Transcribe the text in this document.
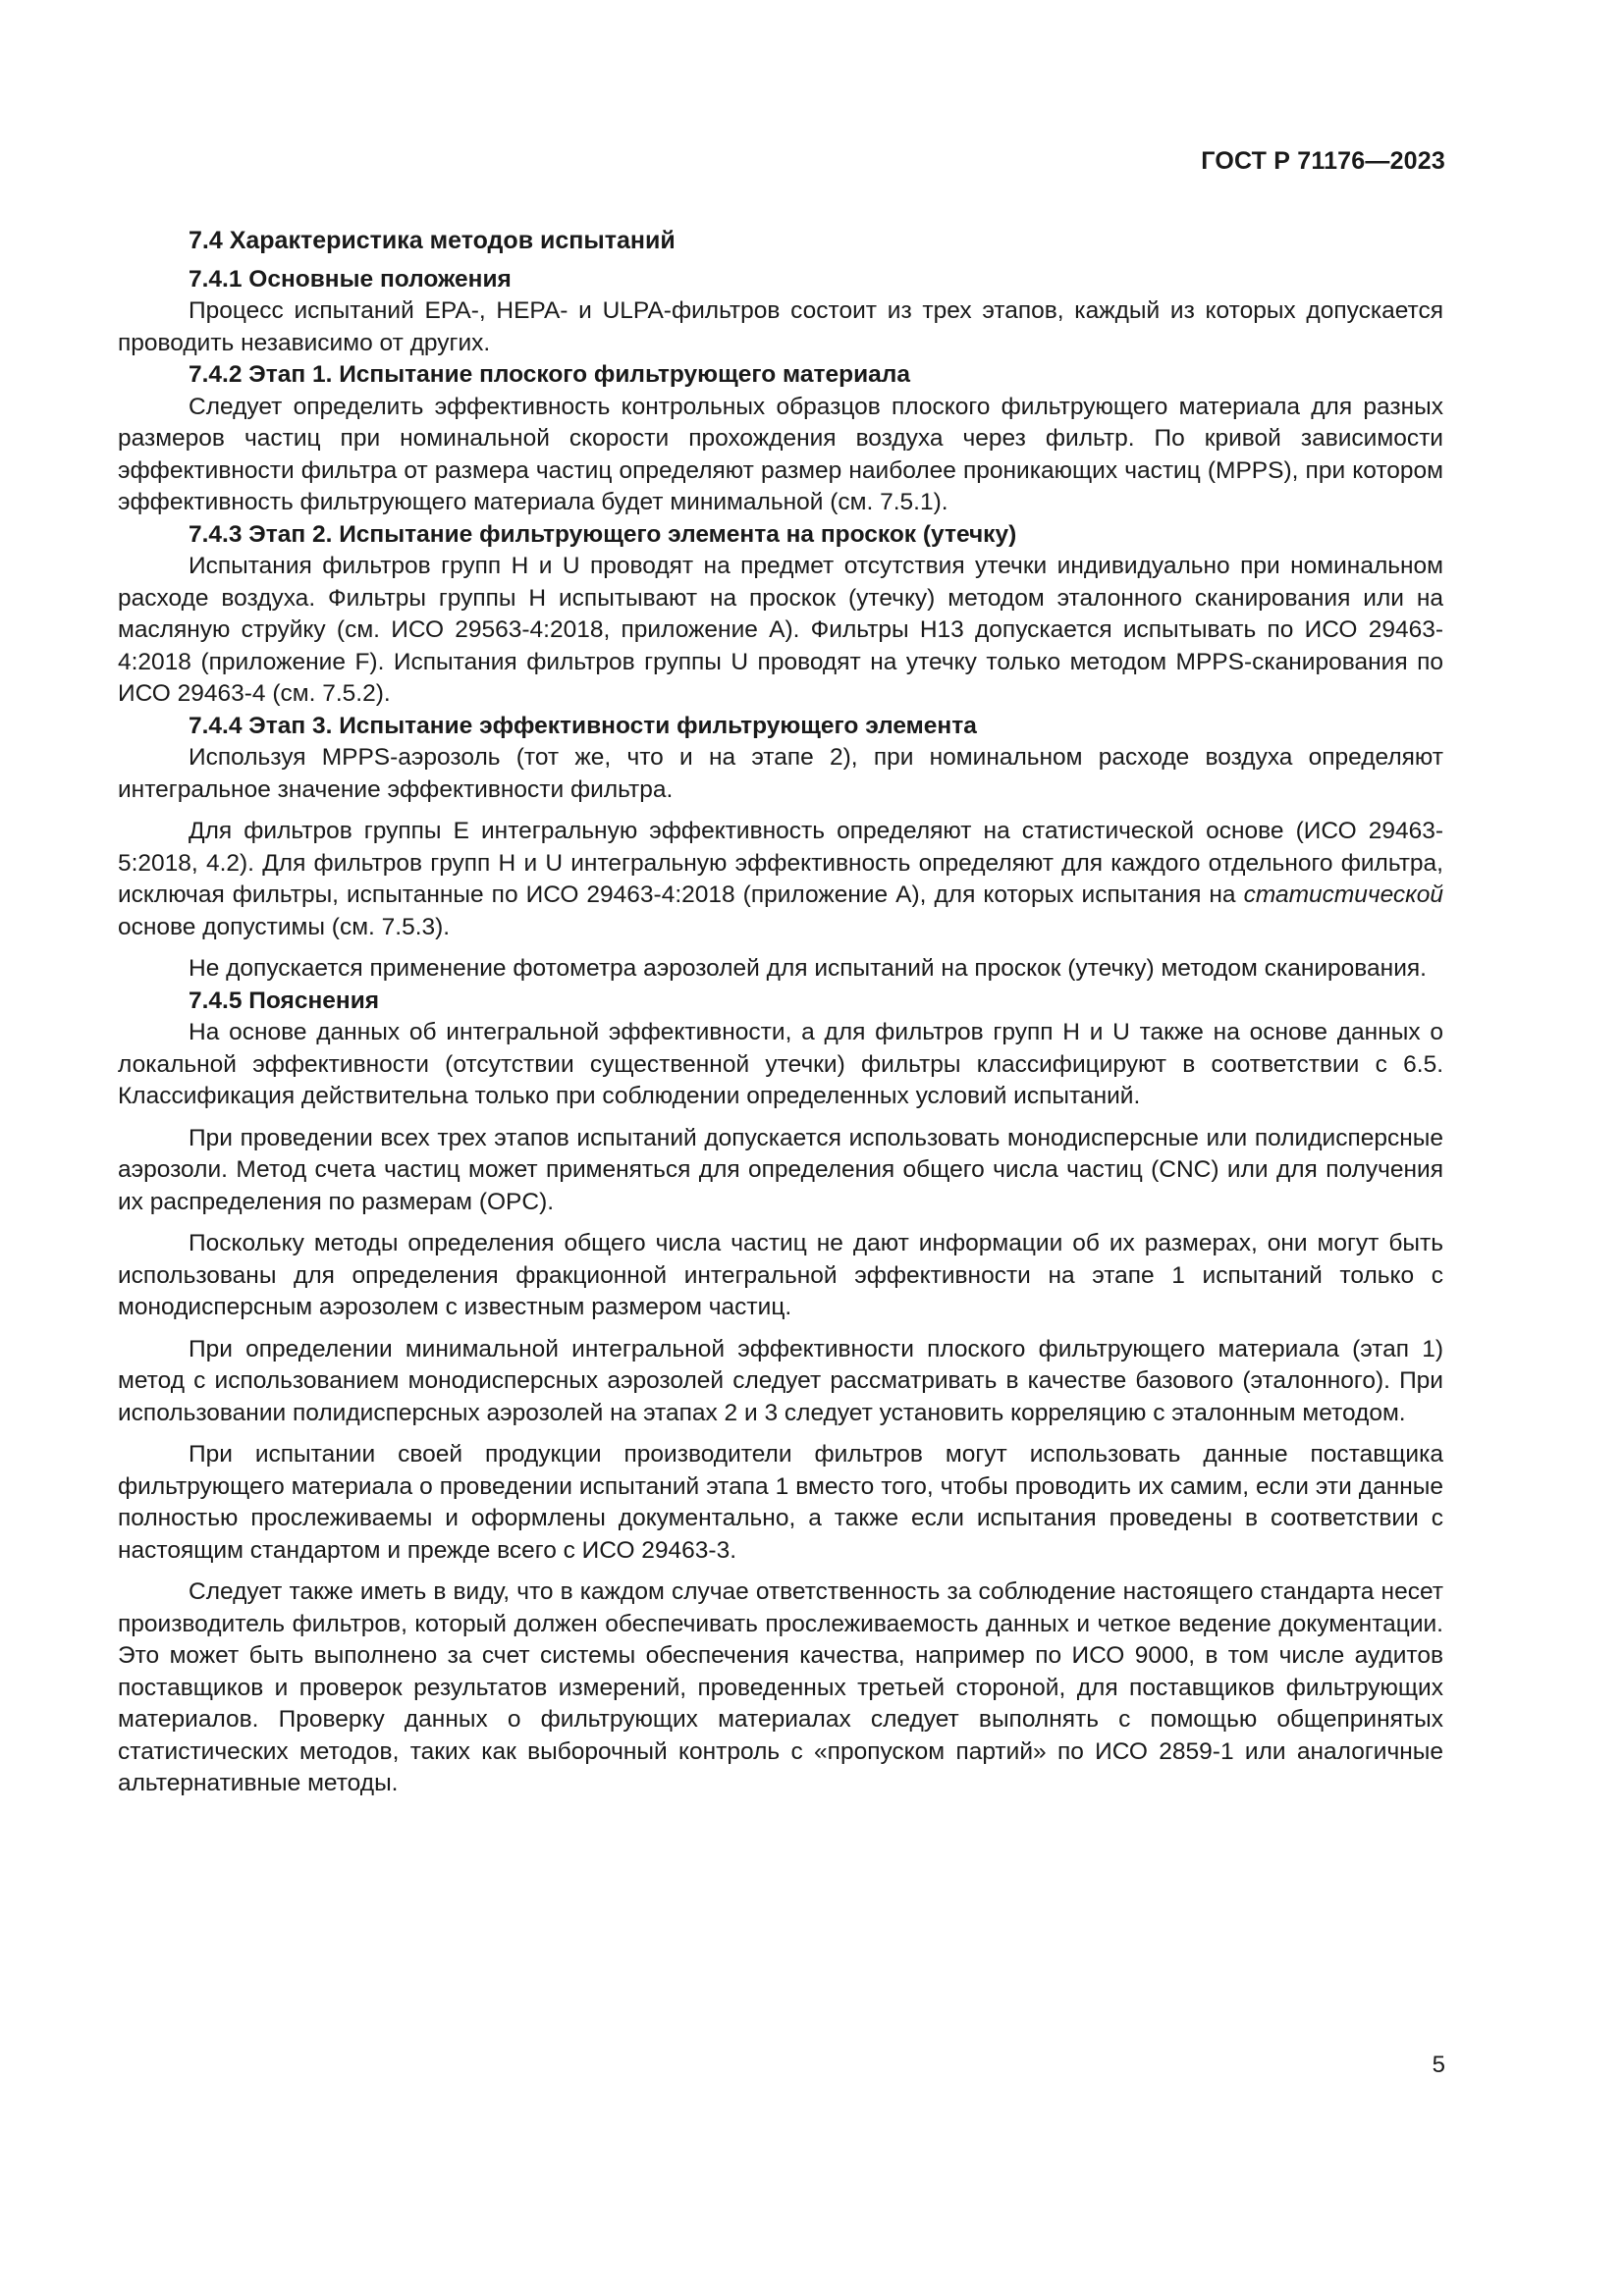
ГОСТ Р 71176—2023
7.4 Характеристика методов испытаний
7.4.1 Основные положения

Процесс испытаний EPA-, HEPA- и ULPA-фильтров состоит из трех этапов, каждый из которых допускается проводить независимо от других.

7.4.2 Этап 1. Испытание плоского фильтрующего материала

Следует определить эффективность контрольных образцов плоского фильтрующего материала для разных размеров частиц при номинальной скорости прохождения воздуха через фильтр. По кривой зависимости эффективности фильтра от размера частиц определяют размер наиболее проникающих частиц (MPPS), при котором эффективность фильтрующего материала будет минимальной (см. 7.5.1).

7.4.3 Этап 2. Испытание фильтрующего элемента на проскок (утечку)

Испытания фильтров групп H и U проводят на предмет отсутствия утечки индивидуально при номинальном расходе воздуха. Фильтры группы H испытывают на проскок (утечку) методом эталонного сканирования или на масляную струйку (см. ИСО 29563-4:2018, приложение А). Фильтры H13 допускается испытывать по ИСО 29463-4:2018 (приложение F). Испытания фильтров группы U проводят на утечку только методом MPPS-сканирования по ИСО 29463-4 (см. 7.5.2).

7.4.4 Этап 3. Испытание эффективности фильтрующего элемента

Используя MPPS-аэрозоль (тот же, что и на этапе 2), при номинальном расходе воздуха определяют интегральное значение эффективности фильтра.

Для фильтров группы E интегральную эффективность определяют на статистической основе (ИСО 29463-5:2018, 4.2). Для фильтров групп H и U интегральную эффективность определяют для каждого отдельного фильтра, исключая фильтры, испытанные по ИСО 29463-4:2018 (приложение А), для которых испытания на статистической основе допустимы (см. 7.5.3).

Не допускается применение фотометра аэрозолей для испытаний на проскок (утечку) методом сканирования.

7.4.5 Пояснения

На основе данных об интегральной эффективности, а для фильтров групп H и U также на основе данных о локальной эффективности (отсутствии существенной утечки) фильтры классифицируют в соответствии с 6.5. Классификация действительна только при соблюдении определенных условий испытаний.

При проведении всех трех этапов испытаний допускается использовать монодисперсные или полидисперсные аэрозоли. Метод счета частиц может применяться для определения общего числа частиц (CNC) или для получения их распределения по размерам (OPC).

Поскольку методы определения общего числа частиц не дают информации об их размерах, они могут быть использованы для определения фракционной интегральной эффективности на этапе 1 испытаний только с монодисперсным аэрозолем с известным размером частиц.

При определении минимальной интегральной эффективности плоского фильтрующего материала (этап 1) метод с использованием монодисперсных аэрозолей следует рассматривать в качестве базового (эталонного). При использовании полидисперсных аэрозолей на этапах 2 и 3 следует установить корреляцию с эталонным методом.

При испытании своей продукции производители фильтров могут использовать данные поставщика фильтрующего материала о проведении испытаний этапа 1 вместо того, чтобы проводить их самим, если эти данные полностью прослеживаемы и оформлены документально, а также если испытания проведены в соответствии с настоящим стандартом и прежде всего с ИСО 29463-3.

Следует также иметь в виду, что в каждом случае ответственность за соблюдение настоящего стандарта несет производитель фильтров, который должен обеспечивать прослеживаемость данных и четкое ведение документации. Это может быть выполнено за счет системы обеспечения качества, например по ИСО 9000, в том числе аудитов поставщиков и проверок результатов измерений, проведенных третьей стороной, для поставщиков фильтрующих материалов. Проверку данных о фильтрующих материалах следует выполнять с помощью общепринятых статистических методов, таких как выборочный контроль с «пропуском партий» по ИСО 2859-1 или аналогичные альтернативные методы.

5
